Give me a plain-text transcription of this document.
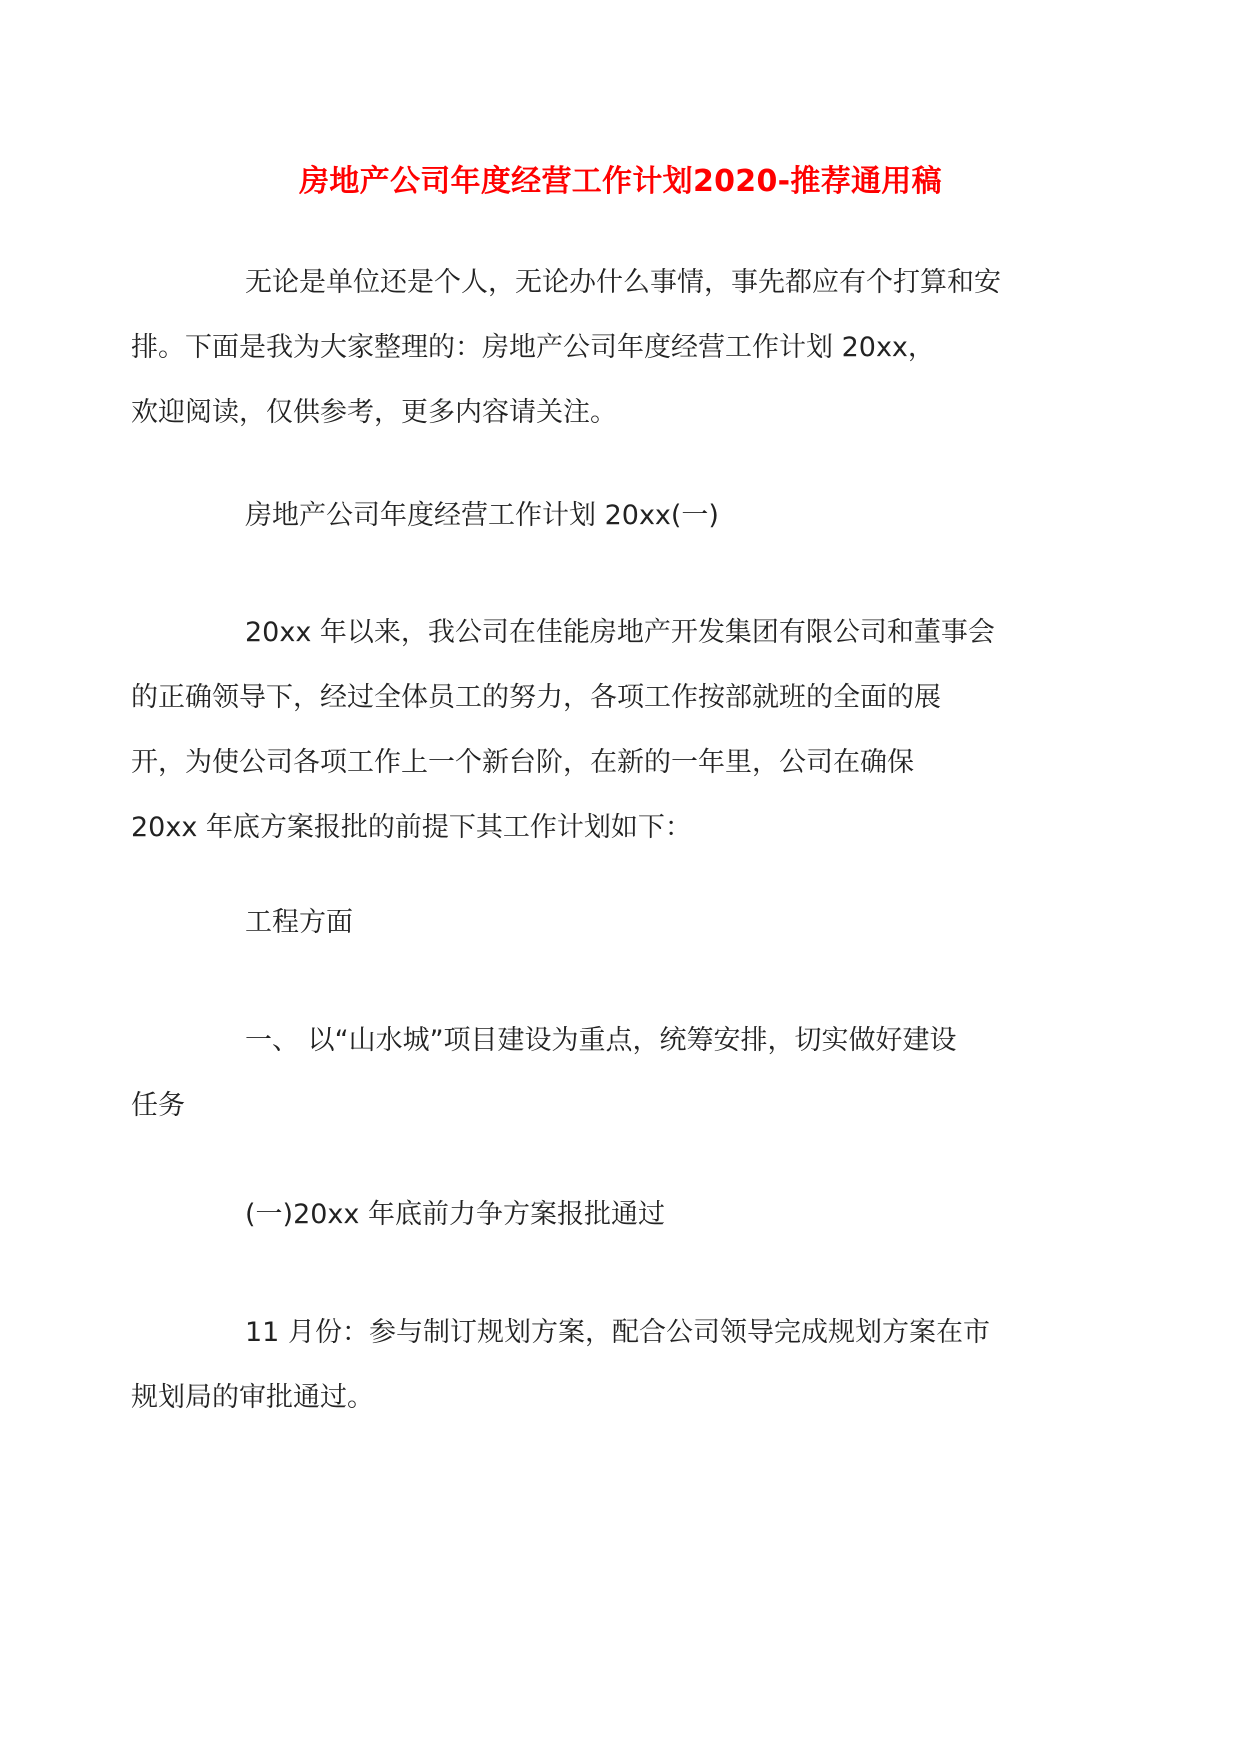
房地产公司年度经营工作计划2020-推荐通用稿
无论是单位还是个人，无论办什么事情，事先都应有个打算和安
排。下面是我为大家整理的：房地产公司年度经营工作计划 20xx，
欢迎阅读，仅供参考，更多内容请关注。
房地产公司年度经营工作计划 20xx(一)
20xx 年以来，我公司在佳能房地产开发集团有限公司和董事会
的正确领导下，经过全体员工的努力，各项工作按部就班的全面的展
开，为使公司各项工作上一个新台阶，在新的一年里，公司在确保
20xx 年底方案报批的前提下其工作计划如下：
工程方面
一、 以“山水城”项目建设为重点，统筹安排，切实做好建设
任务
(一)20xx 年底前力争方案报批通过
11 月份：参与制订规划方案，配合公司领导完成规划方案在市
规划局的审批通过。
